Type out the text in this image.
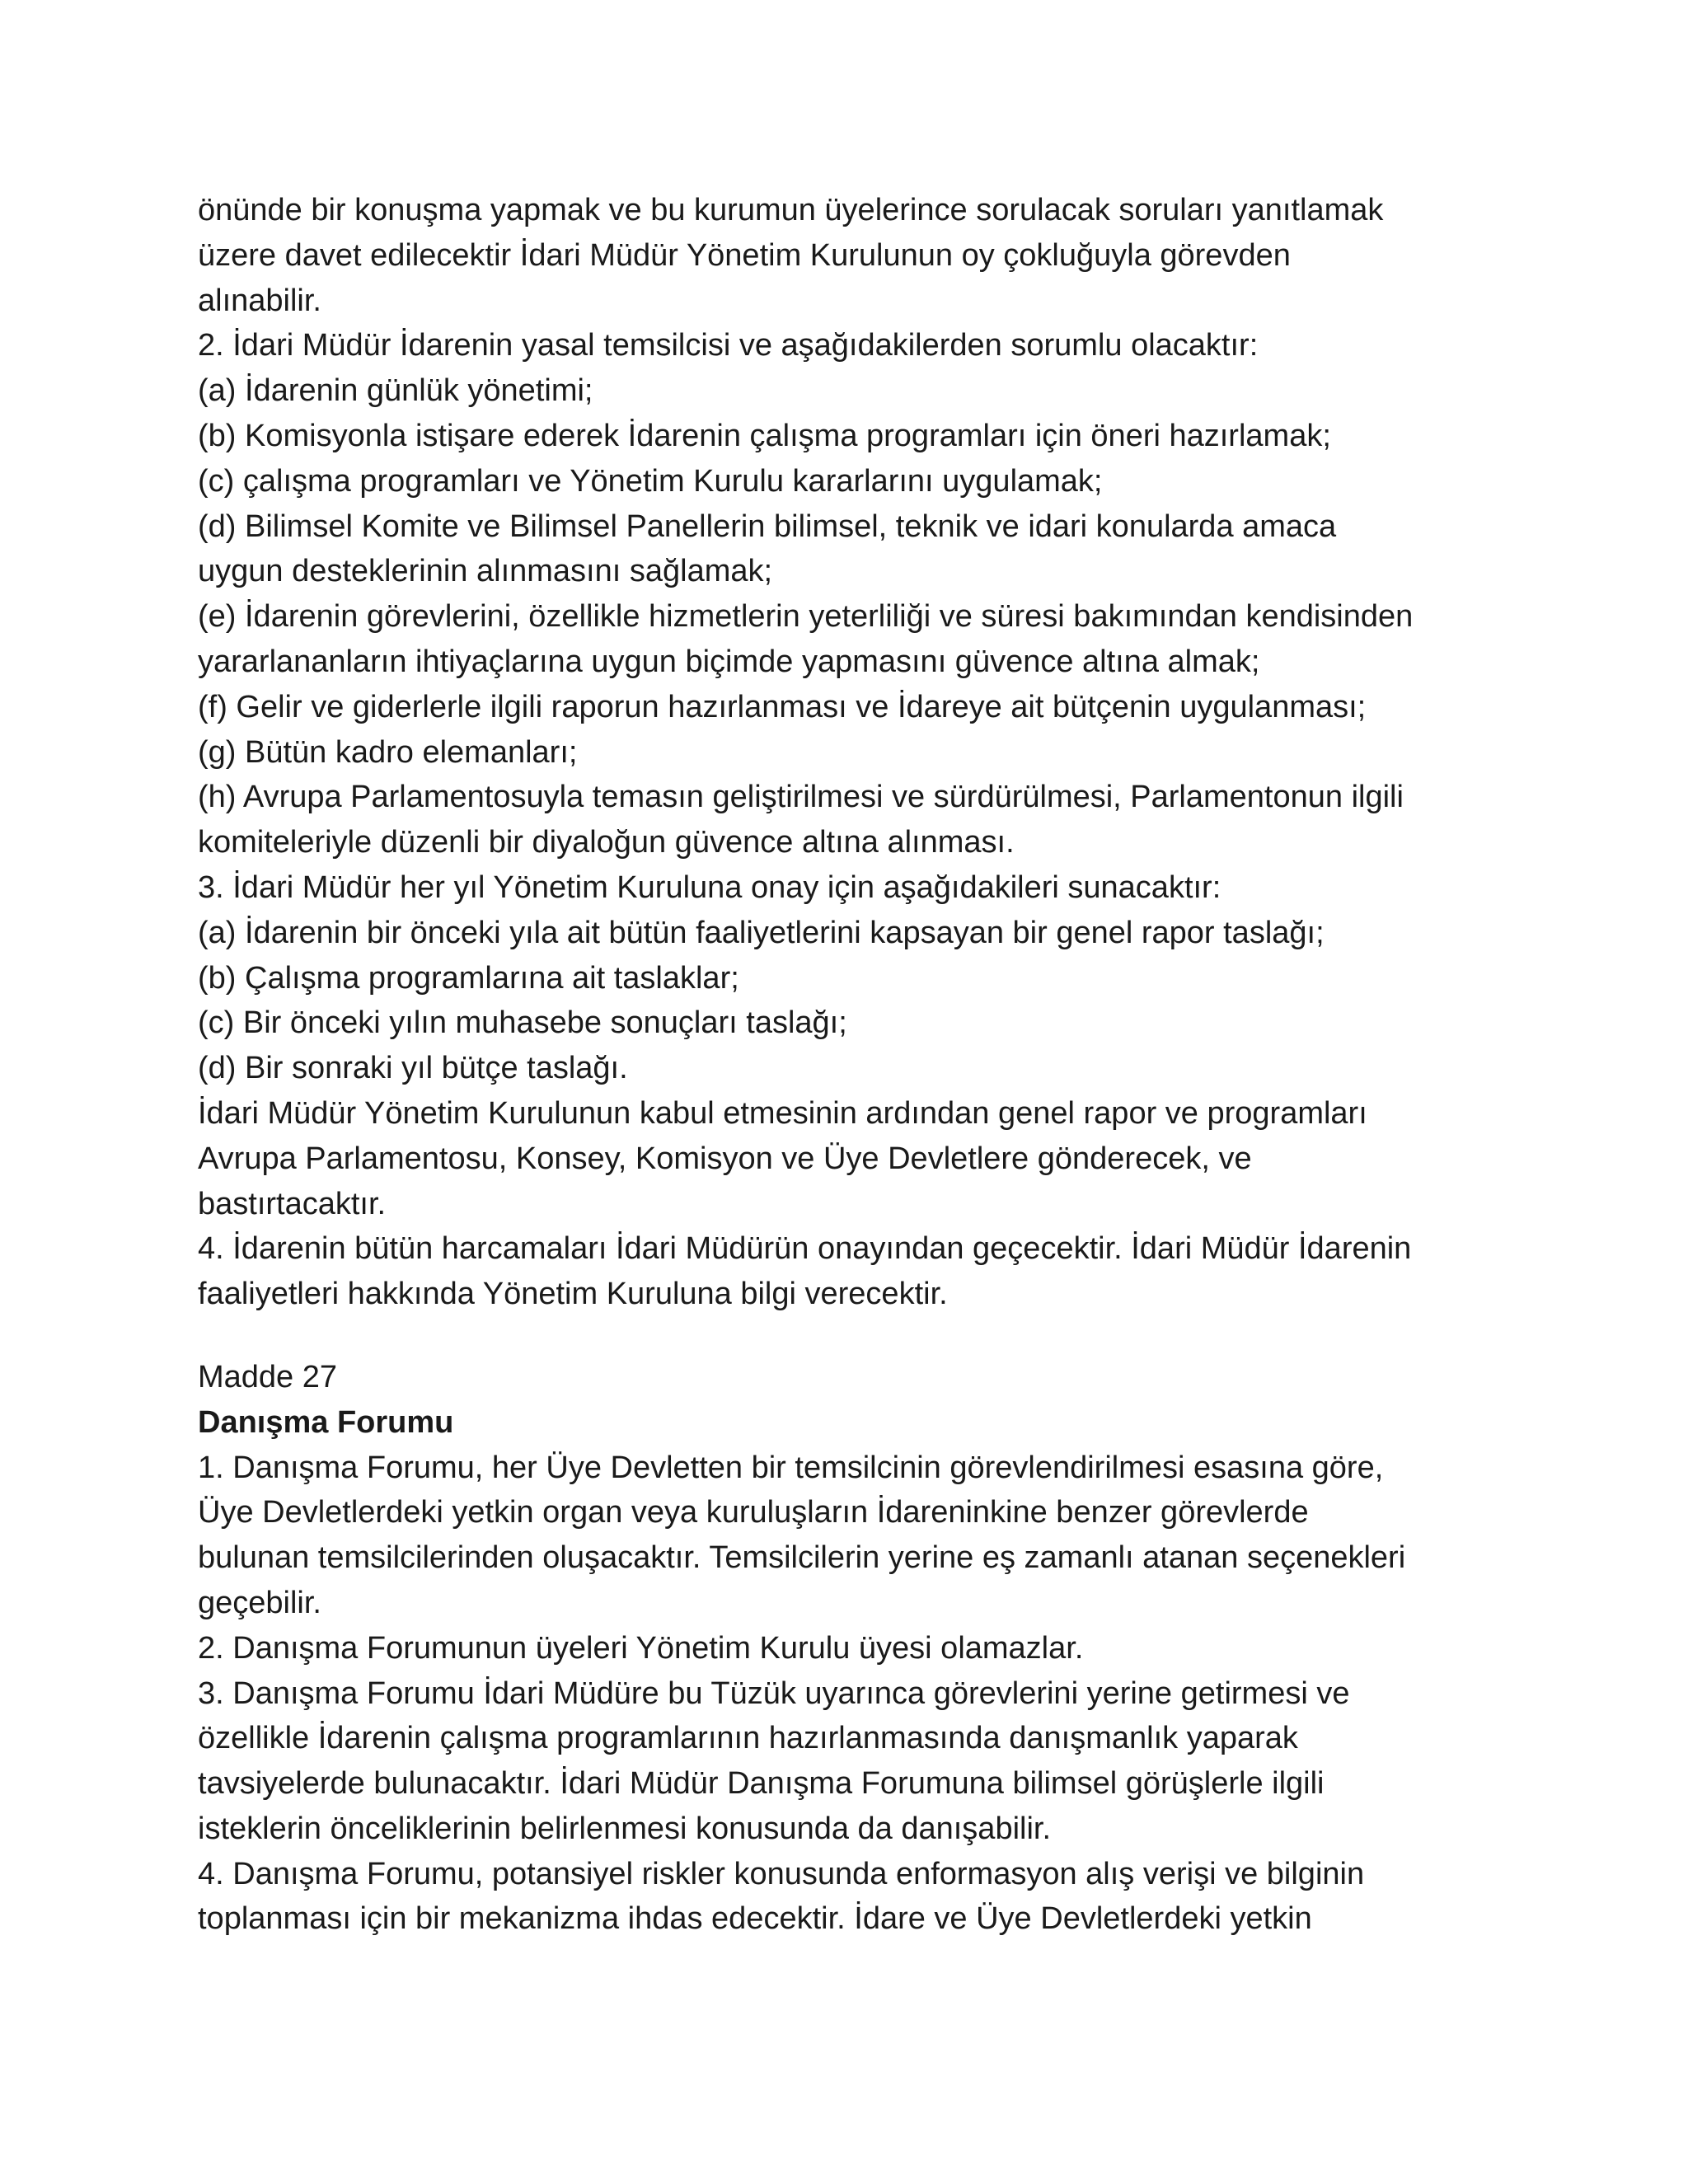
önünde bir konuşma yapmak ve bu kurumun üyelerince sorulacak soruları yanıtlamak
üzere davet edilecektir İdari Müdür Yönetim Kurulunun oy çokluğuyla görevden
alınabilir.
2. İdari Müdür İdarenin yasal temsilcisi ve aşağıdakilerden sorumlu olacaktır:
(a) İdarenin günlük yönetimi;
(b) Komisyonla istişare ederek İdarenin çalışma programları için öneri hazırlamak;
(c) çalışma programları ve Yönetim Kurulu kararlarını uygulamak;
(d) Bilimsel Komite ve Bilimsel Panellerin bilimsel, teknik ve idari konularda amaca
uygun desteklerinin alınmasını sağlamak;
(e) İdarenin görevlerini, özellikle hizmetlerin yeterliliği ve süresi bakımından kendisinden
yararlananların ihtiyaçlarına uygun biçimde yapmasını güvence altına almak;
(f) Gelir ve giderlerle ilgili raporun hazırlanması ve İdareye ait bütçenin uygulanması;
(g) Bütün kadro elemanları;
(h) Avrupa Parlamentosuyla temasın geliştirilmesi ve sürdürülmesi, Parlamentonun ilgili
komiteleriyle düzenli bir diyaloğun güvence altına alınması.
3. İdari Müdür her yıl Yönetim Kuruluna onay için aşağıdakileri sunacaktır:
(a) İdarenin bir önceki yıla ait bütün faaliyetlerini kapsayan bir genel rapor taslağı;
(b) Çalışma programlarına ait taslaklar;
(c) Bir önceki yılın muhasebe sonuçları taslağı;
(d) Bir sonraki yıl bütçe taslağı.
İdari Müdür Yönetim Kurulunun kabul etmesinin ardından genel rapor ve programları
Avrupa Parlamentosu, Konsey, Komisyon ve Üye Devletlere gönderecek, ve
bastırtacaktır.
4. İdarenin bütün harcamaları İdari Müdürün onayından geçecektir. İdari Müdür İdarenin
faaliyetleri hakkında Yönetim Kuruluna bilgi verecektir.
Madde 27
Danışma Forumu
1. Danışma Forumu, her Üye Devletten bir temsilcinin görevlendirilmesi esasına göre,
Üye Devletlerdeki yetkin organ veya kuruluşların İdareninkine benzer görevlerde
bulunan temsilcilerinden oluşacaktır. Temsilcilerin yerine eş zamanlı atanan seçenekleri
geçebilir.
2. Danışma Forumunun üyeleri Yönetim Kurulu üyesi olamazlar.
3. Danışma Forumu İdari Müdüre bu Tüzük uyarınca görevlerini yerine getirmesi ve
özellikle İdarenin çalışma programlarının hazırlanmasında danışmanlık yaparak
tavsiyelerde bulunacaktır. İdari Müdür Danışma Forumuna bilimsel görüşlerle ilgili
isteklerin önceliklerinin belirlenmesi konusunda da danışabilir.
4. Danışma Forumu, potansiyel riskler konusunda enformasyon alış verişi ve bilginin
toplanması için bir mekanizma ihdas edecektir. İdare ve Üye Devletlerdeki yetkin
